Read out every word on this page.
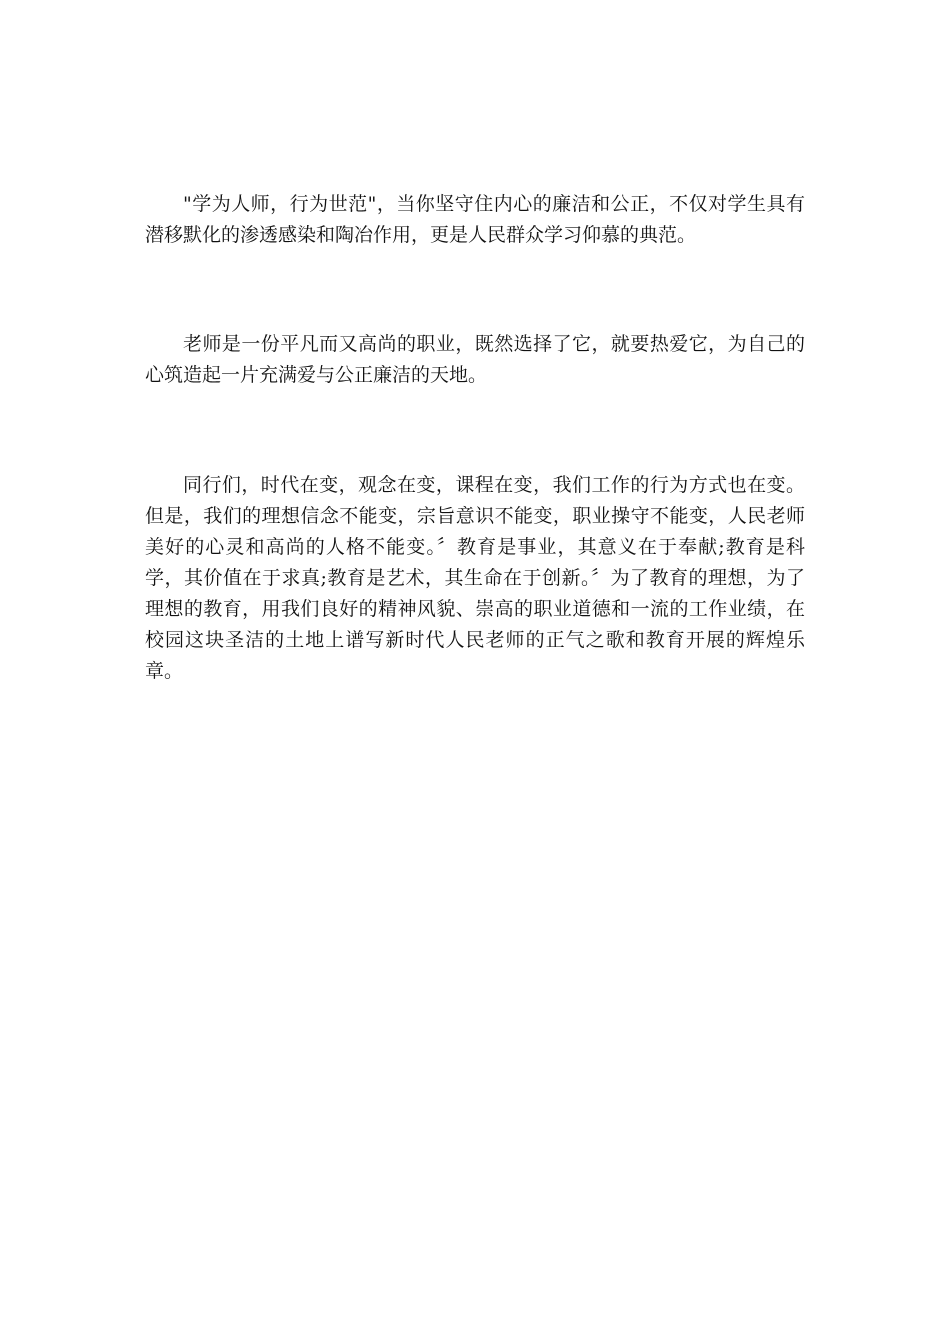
"学为人师，行为世范"，当你坚守住内心的廉洁和公正，不仅对学生具有潜移默化的渗透感染和陶冶作用，更是人民群众学习仰慕的典范。

老师是一份平凡而又高尚的职业，既然选择了它，就要热爱它，为自己的心筑造起一片充满爱与公正廉洁的天地。

同行们，时代在变，观念在变，课程在变，我们工作的行为方式也在变。但是，我们的理想信念不能变，宗旨意识不能变，职业操守不能变，人民老师美好的心灵和高尚的人格不能变。〞教育是事业，其意义在于奉献;教育是科学，其价值在于求真;教育是艺术，其生命在于创新。〞为了教育的理想，为了理想的教育，用我们良好的精神风貌、崇高的职业道德和一流的工作业绩，在校园这块圣洁的土地上谱写新时代人民老师的正气之歌和教育开展的辉煌乐章。
